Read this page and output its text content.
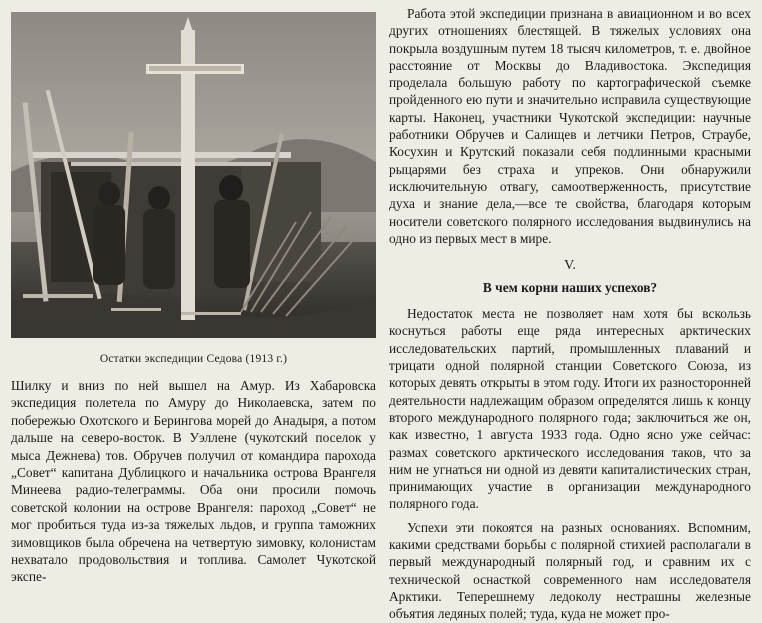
Остатки экспедиции Седова (1913 г.)
Шилку и вниз по ней вышел на Амур. Из Хабаровска экспедиция полетела по Амуру до Николаевска, затем по побережью Охотского и Берингова морей до Анадыря, а потом дальше на северо-восток. В Уэллене (чукотский поселок у мыса Дежнева) тов. Обручев получил от командира парохода „Совет“ капитана Дублицкого и начальника острова Врангеля Минеева радио-телеграммы. Оба они просили помочь советской колонии на острове Врангеля: пароход „Совет“ не мог пробиться туда из-за тяжелых льдов, и группа таможних зимовщиков была обречена на четвертую зимовку, колонистам нехватало продовольствия и топлива. Самолет Чукотской экспе-

Работа этой экспедиции признана в авиационном и во всех других отношениях блестящей. В тяжелых условиях она покрыла воздушным путем 18 тысяч километров, т. е. двойное расстояние от Москвы до Владивостока. Экспедиция проделала большую работу по картографической съемке пройденного ею пути и значительно исправила существующие карты. Наконец, участники Чукотской экспедиции: научные работники Обручев и Салищев и летчики Петров, Страубе, Косухин и Крутский показали себя подлинными красными рыцарями без страха и упреков. Они обнаружили исключительную отвагу, самоотверженность, присутствие духа и знание дела,—все те свойства, благодаря которым носители советского полярного исследования выдвинулись на одно из первых мест в мире.

V.
В чем корни наших успехов?

Недостаток места не позволяет нам хотя бы вскользь коснуться работы еще ряда интересных арктических исследовательских партий, промышленных плаваний и трицати одной полярной станции Советского Союза, из которых девять открыты в этом году. Итоги их разносторонней деятельности надлежащим образом определятся лишь к концу второго международного полярного года; заключиться же он, как известно, 1 августа 1933 года. Одно ясно уже сейчас: размах советского арктического исследования таков, что за ним не угнаться ни одной из девяти капиталистических стран, принимающих участие в организации международного полярного года.

Успехи эти покоятся на разных основаниях. Вспомним, какими средствами борьбы с полярной стихией располагали в первый международный полярный год, и сравним их с технической оснасткой современного нам исследователя Арктики. Теперешнему ледоколу нестрашны железные объятия ледяных полей; туда, куда не может про-
